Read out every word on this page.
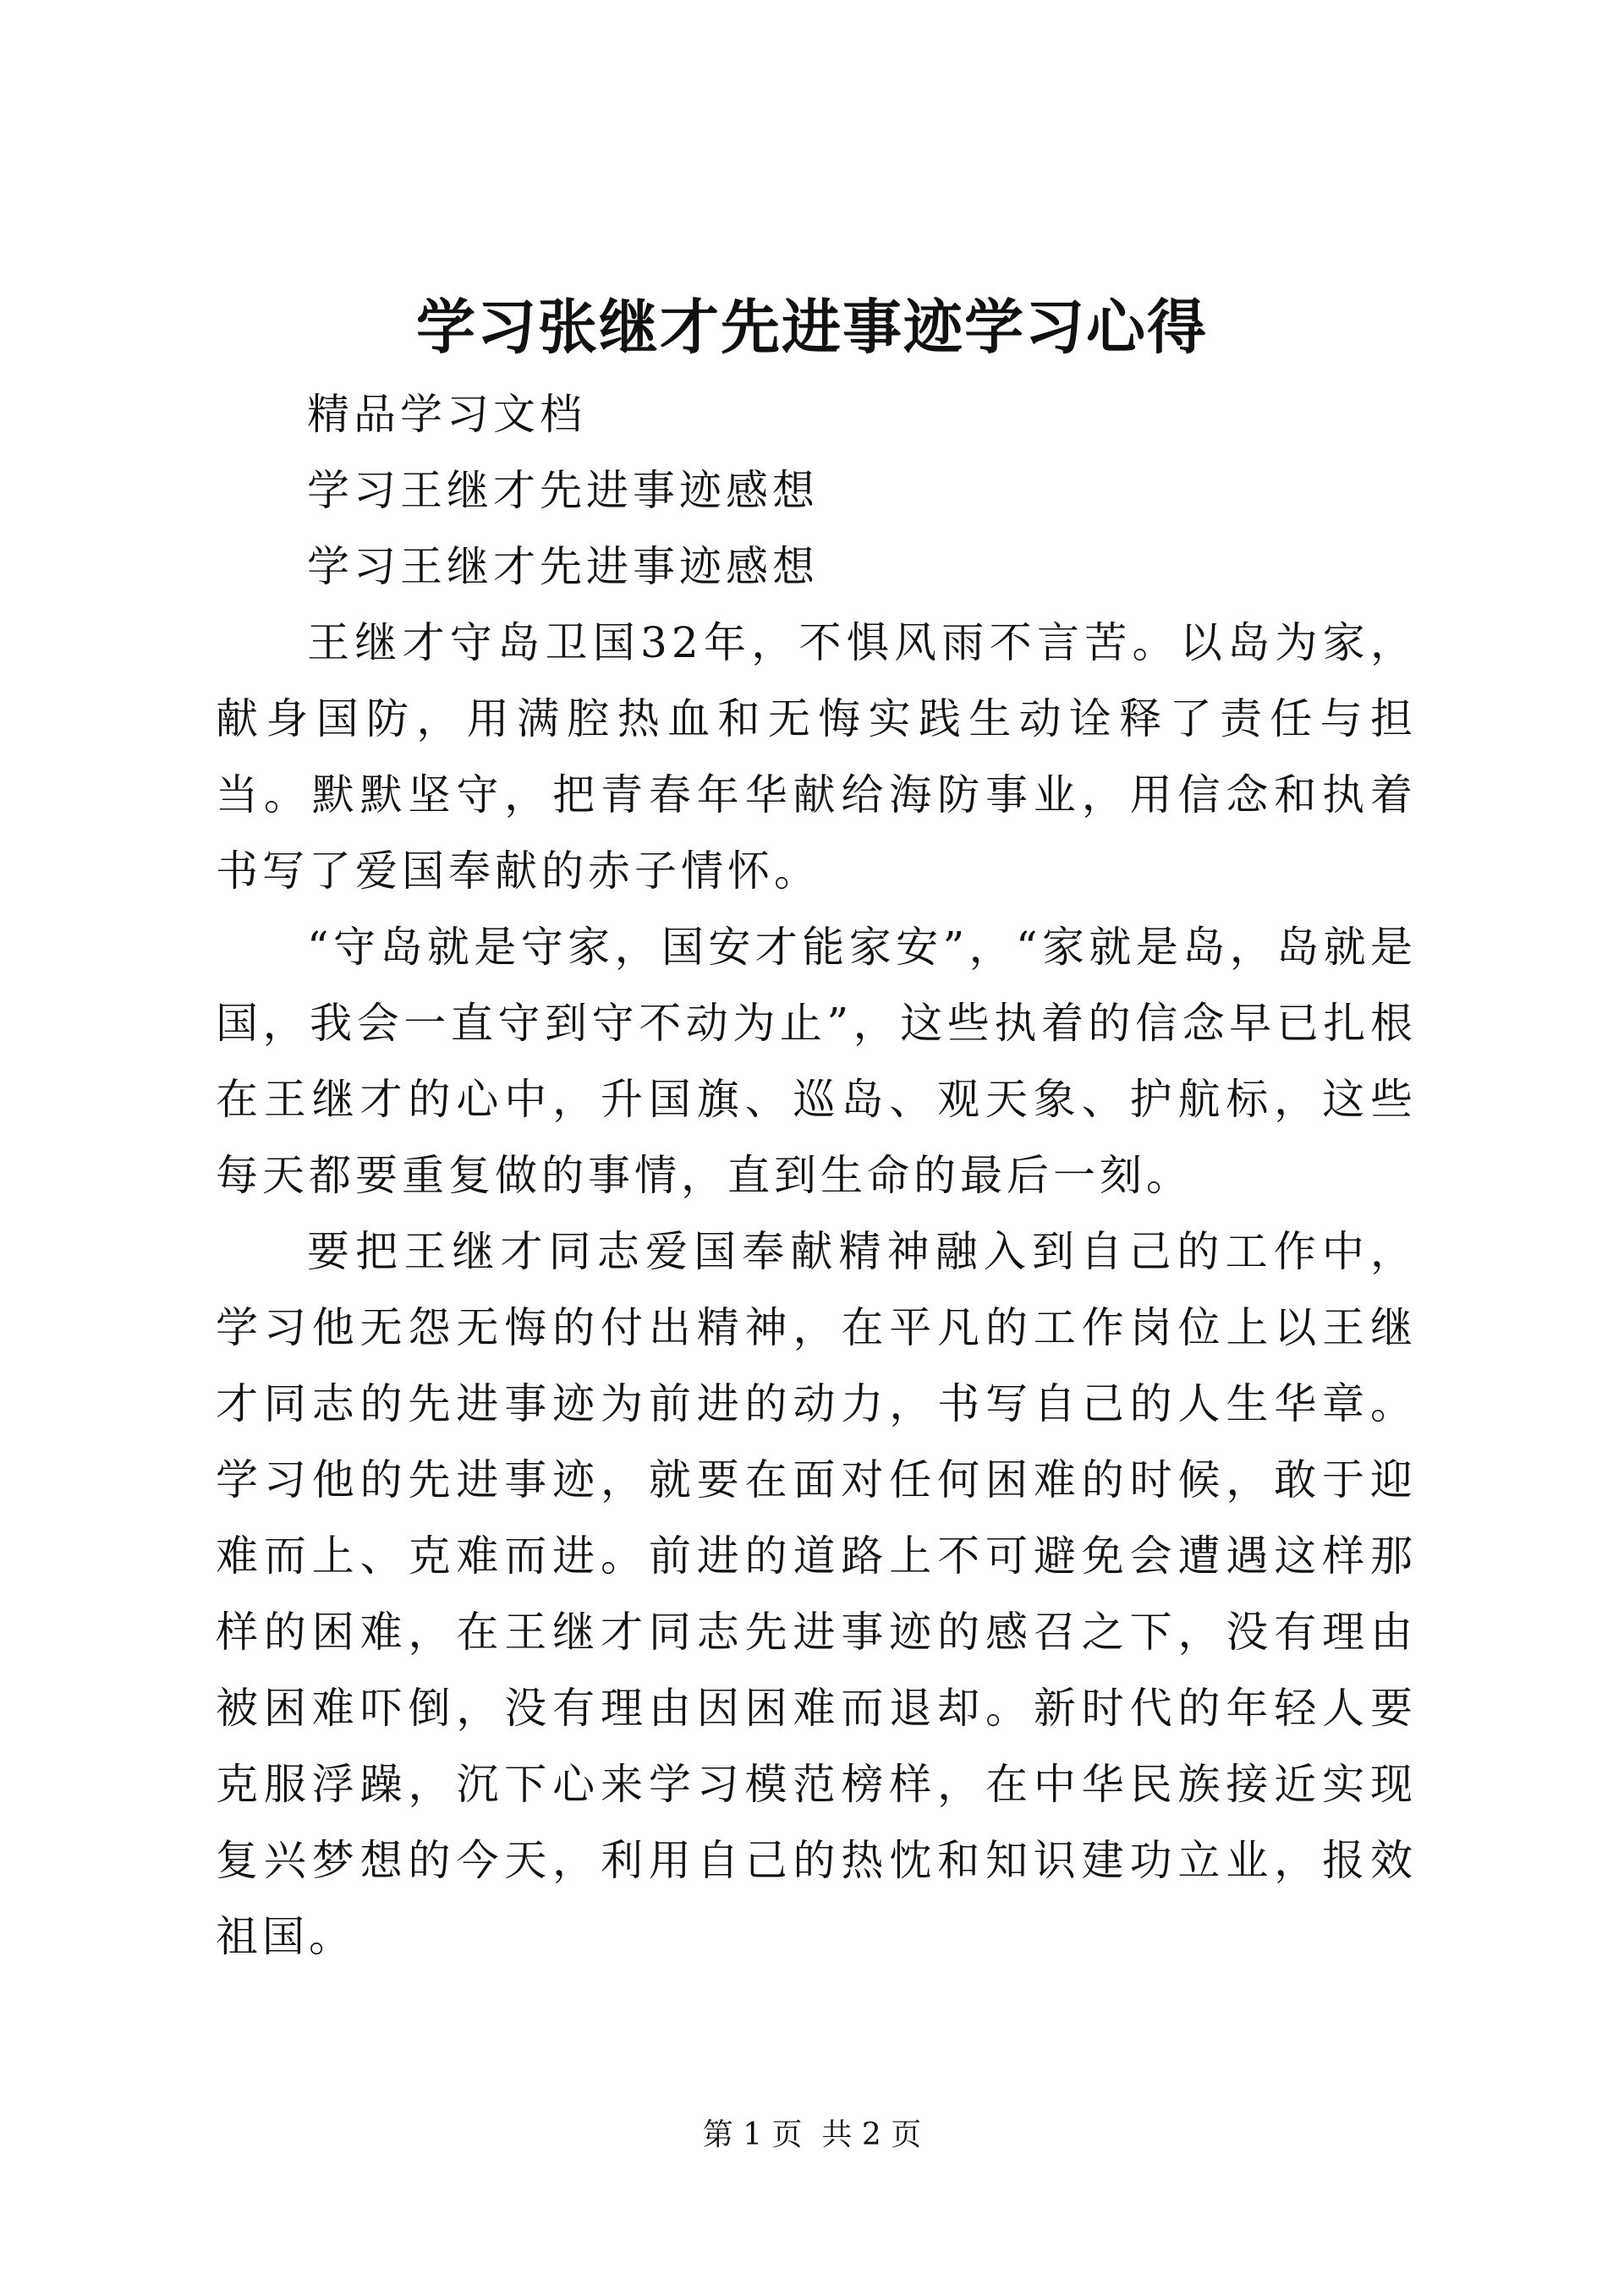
学习张继才先进事迹学习心得

精品学习文档

学习王继才先进事迹感想

学习王继才先进事迹感想

王继才守岛卫国32年，不惧风雨不言苦。以岛为家，献身国防，用满腔热血和无悔实践生动诠释了责任与担当。默默坚守，把青春年华献给海防事业，用信念和执着书写了爱国奉献的赤子情怀。

“守岛就是守家，国安才能家安”，“家就是岛，岛就是国，我会一直守到守不动为止”，这些执着的信念早已扎根在王继才的心中，升国旗、巡岛、观天象、护航标，这些每天都要重复做的事情，直到生命的最后一刻。

要把王继才同志爱国奉献精神融入到自己的工作中，学习他无怨无悔的付出精神，在平凡的工作岗位上以王继才同志的先进事迹为前进的动力，书写自己的人生华章。学习他的先进事迹，就要在面对任何困难的时候，敢于迎难而上、克难而进。前进的道路上不可避免会遭遇这样那样的困难，在王继才同志先进事迹的感召之下，没有理由被困难吓倒，没有理由因困难而退却。新时代的年轻人要克服浮躁，沉下心来学习模范榜样，在中华民族接近实现复兴梦想的今天，利用自己的热忱和知识建功立业，报效祖国。

第 1 页  共 2 页
